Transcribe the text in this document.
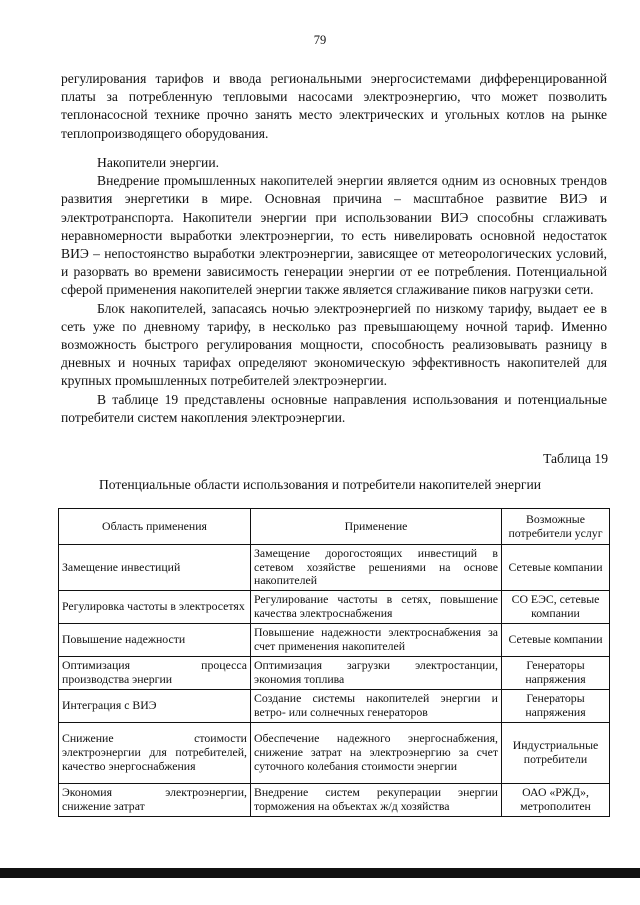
79

регулирования тарифов и ввода региональными энергосистемами дифференцированной платы за потребленную тепловыми насосами электроэнергию, что может позволить теплонасосной технике прочно занять место электрических и угольных котлов на рынке теплопроизводящего оборудования.

Накопители энергии.

Внедрение промышленных накопителей энергии является одним из основных трендов развития энергетики в мире. Основная причина – масштабное развитие ВИЭ и электротранспорта. Накопители энергии при использовании ВИЭ способны сглаживать неравномерности выработки электроэнергии, то есть нивелировать основной недостаток ВИЭ – непостоянство выработки электроэнергии, зависящее от метеорологических условий, и разорвать во времени зависимость генерации энергии от ее потребления. Потенциальной сферой применения накопителей энергии также является сглаживание пиков нагрузки сети.

Блок накопителей, запасаясь ночью электроэнергией по низкому тарифу, выдает ее в сеть уже по дневному тарифу, в несколько раз превышающему ночной тариф. Именно возможность быстрого регулирования мощности, способность реализовывать разницу в дневных и ночных тарифах определяют экономическую эффективность накопителей для крупных промышленных потребителей электроэнергии.

В таблице 19 представлены основные направления использования и потенциальные потребители систем накопления электроэнергии.

Таблица 19
Потенциальные области использования и потребители накопителей энергии
Область применения	Применение	Возможные потребители услуг
Замещение инвестиций	Замещение дорогостоящих инвестиций в сетевом хозяйстве решениями на основе накопителей	Сетевые компании
Регулировка частоты в электросетях	Регулирование частоты в сетях, повышение качества электроснабжения	СО ЕЭС, сетевые компании
Повышение надежности	Повышение надежности электроснабжения за счет применения накопителей	Сетевые компании
Оптимизация процесса производства энергии	Оптимизация загрузки электростанции, экономия топлива	Генераторы напряжения
Интеграция с ВИЭ	Создание системы накопителей энергии и ветро- или солнечных генераторов	Генераторы напряжения
Снижение стоимости электроэнергии для потребителей, качество энергоснабжения	Обеспечение надежного энергоснабжения, снижение затрат на электроэнергию за счет суточного колебания стоимости энергии	Индустриальные потребители
Экономия электроэнергии, снижение затрат	Внедрение систем рекуперации энергии торможения на объектах ж/д хозяйства	ОАО «РЖД», метрополитен
